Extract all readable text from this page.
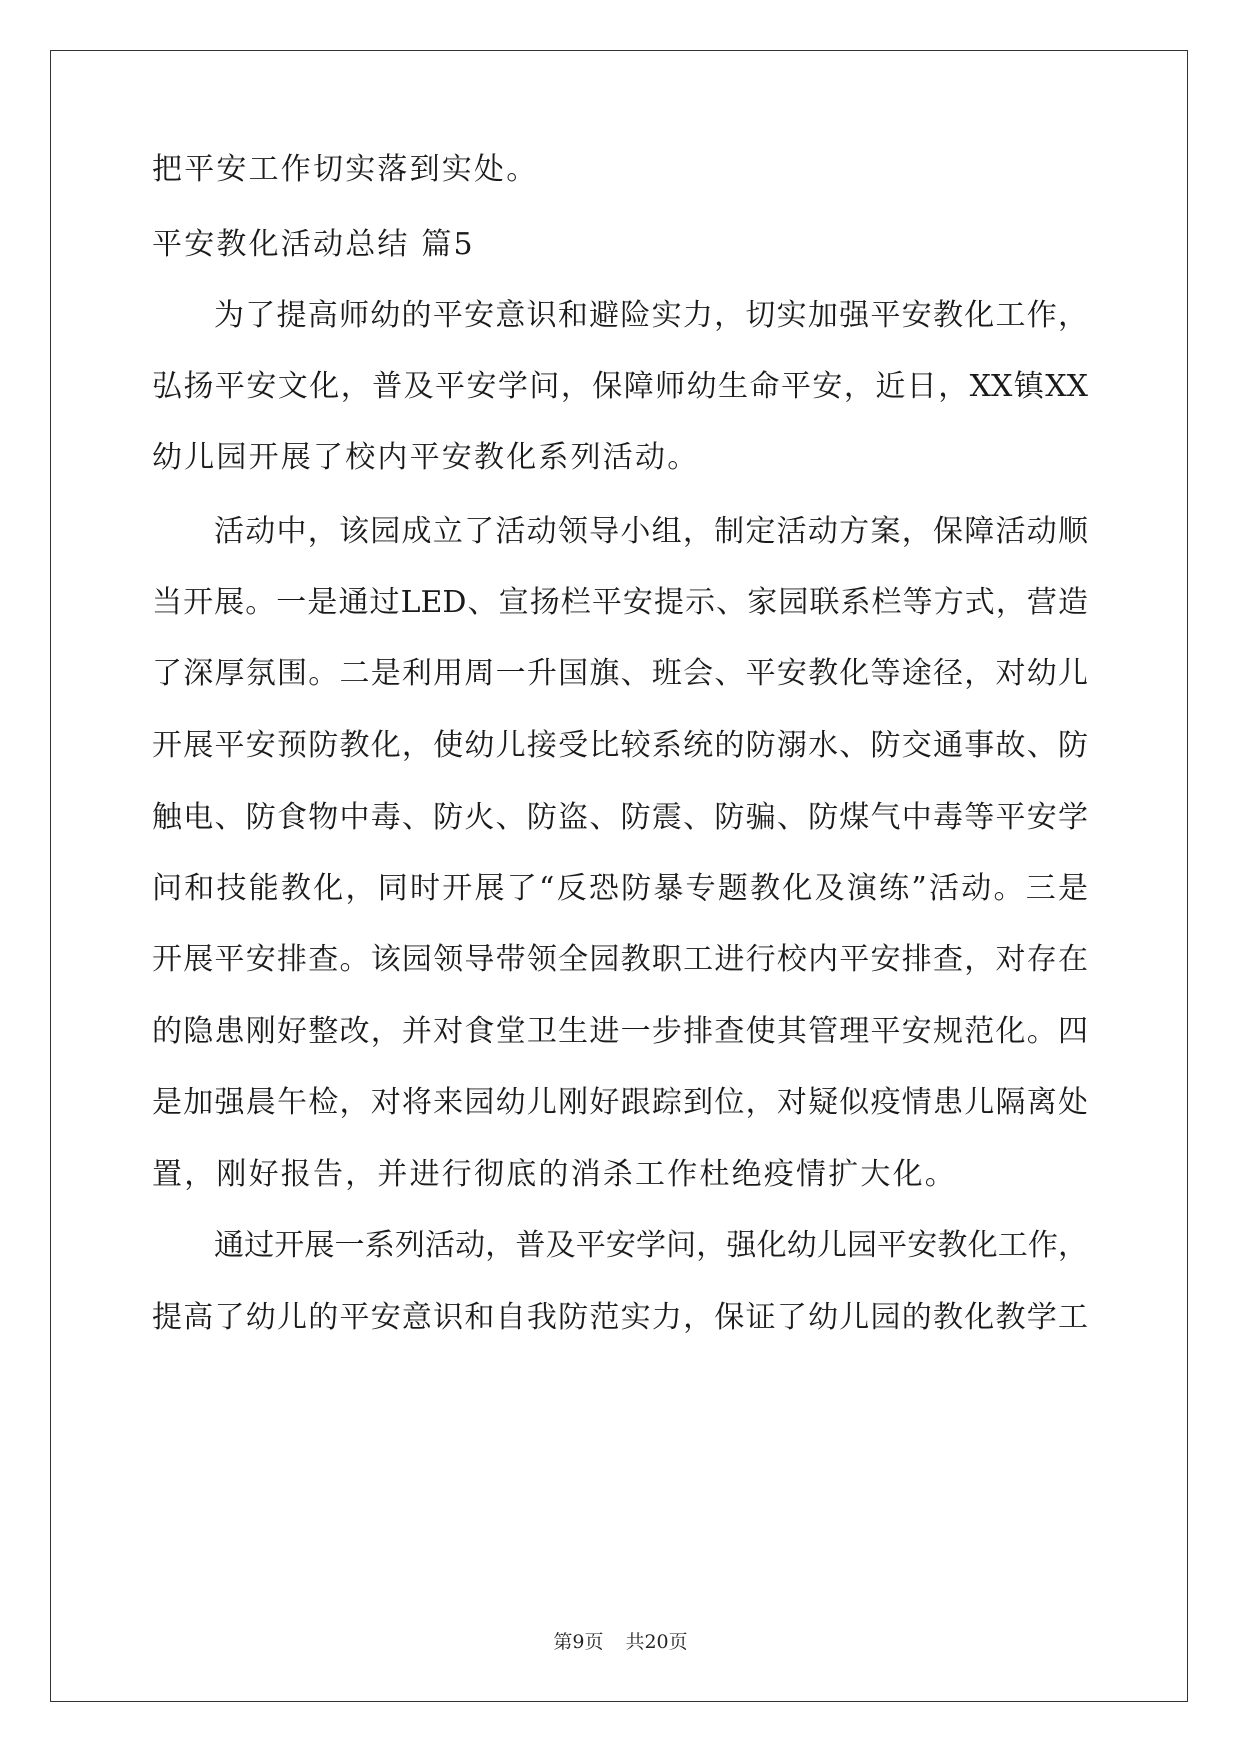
把平安工作切实落到实处。
平安教化活动总结 篇5
为了提高师幼的平安意识和避险实力，切实加强平安教化工作，
弘扬平安文化，普及平安学问，保障师幼生命平安，近日，XX镇XX
幼儿园开展了校内平安教化系列活动。
活动中，该园成立了活动领导小组，制定活动方案，保障活动顺
当开展。一是通过LED、宣扬栏平安提示、家园联系栏等方式，营造
了深厚氛围。二是利用周一升国旗、班会、平安教化等途径，对幼儿
开展平安预防教化，使幼儿接受比较系统的防溺水、防交通事故、防
触电、防食物中毒、防火、防盗、防震、防骗、防煤气中毒等平安学
问和技能教化，同时开展了“反恐防暴专题教化及演练”活动。三是
开展平安排查。该园领导带领全园教职工进行校内平安排查，对存在
的隐患刚好整改，并对食堂卫生进一步排查使其管理平安规范化。四
是加强晨午检，对将来园幼儿刚好跟踪到位，对疑似疫情患儿隔离处
置，刚好报告，并进行彻底的消杀工作杜绝疫情扩大化。
通过开展一系列活动，普及平安学问，强化幼儿园平安教化工作，
提高了幼儿的平安意识和自我防范实力，保证了幼儿园的教化教学工
第9页 共20页
